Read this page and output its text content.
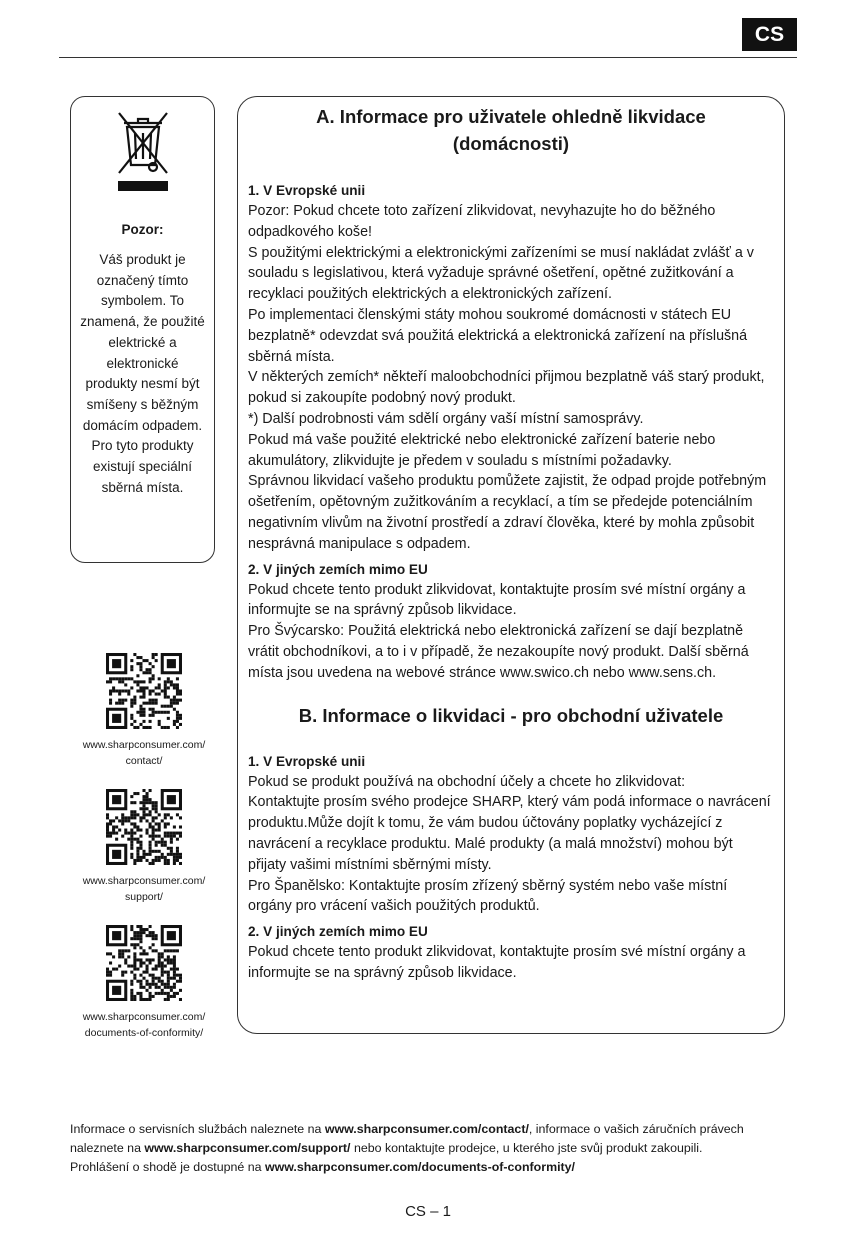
CS
Pozor:
Váš produkt je označený tímto symbolem. To znamená, že použité elektrické a elektronické produkty nesmí být smíšeny s běžným domácím odpadem. Pro tyto produkty existují speciální sběrná místa.
www.sharpconsumer.com/
contact/
www.sharpconsumer.com/
support/
www.sharpconsumer.com/
documents-of-conformity/

A. Informace pro uživatele ohledně likvidace
(domácnosti)

1. V Evropské unii

Pozor: Pokud chcete toto zařízení zlikvidovat, nevyhazujte ho do běžného odpadkového koše!

S použitými elektrickými a elektronickými zařízeními se musí nakládat zvlášť a v souladu s legislativou, která vyžaduje správné ošetření, opětné zužitkování a recyklaci použitých elektrických a elektronických zařízení.

Po implementaci členskými státy mohou soukromé domácnosti v státech EU bezplatně* odevzdat svá použitá elektrická a elektronická zařízení na příslušná sběrná místa.

V některých zemích* někteří maloobchodníci přijmou bezplatně váš starý produkt, pokud si zakoupíte podobný nový produkt.

*) Další podrobnosti vám sdělí orgány vaší místní samosprávy.

Pokud má vaše použité elektrické nebo elektronické zařízení baterie nebo akumulátory, zlikvidujte je předem v souladu s místními požadavky.

Správnou likvidací vašeho produktu pomůžete zajistit, že odpad projde potřebným ošetřením, opětovným zužitkováním a recyklací, a tím se předejde potenciálním negativním vlivům na životní prostředí a zdraví člověka, které by mohla způsobit nesprávná manipulace s odpadem.

2. V jiných zemích mimo EU

Pokud chcete tento produkt zlikvidovat, kontaktujte prosím své místní orgány a informujte se na správný způsob likvidace.

Pro Švýcarsko: Použitá elektrická nebo elektronická zařízení se dají bezplatně vrátit obchodníkovi, a to i v případě, že nezakoupíte nový produkt. Další sběrná místa jsou uvedena na webové stránce www.swico.ch nebo www.sens.ch.

B. Informace o likvidaci - pro obchodní uživatele

1. V Evropské unii

Pokud se produkt používá na obchodní účely a chcete ho zlikvidovat:

Kontaktujte prosím svého prodejce SHARP, který vám podá informace o navrácení produktu.Může dojít k tomu, že vám budou účtovány poplatky vycházející z navrácení a recyklace produktu. Malé produkty (a malá množství) mohou být přijaty vašimi místními sběrnými místy.

Pro Španělsko: Kontaktujte prosím zřízený sběrný systém nebo vaše místní orgány pro vrácení vašich použitých produktů.

2. V jiných zemích mimo EU

Pokud chcete tento produkt zlikvidovat, kontaktujte prosím své místní orgány a informujte se na správný způsob likvidace.

Informace o servisních službách naleznete na www.sharpconsumer.com/contact/, informace o vašich záručních právech naleznete na www.sharpconsumer.com/support/ nebo kontaktujte prodejce, u kterého jste svůj produkt zakoupili.
Prohlášení o shodě je dostupné na www.sharpconsumer.com/documents-of-conformity/
CS – 1
